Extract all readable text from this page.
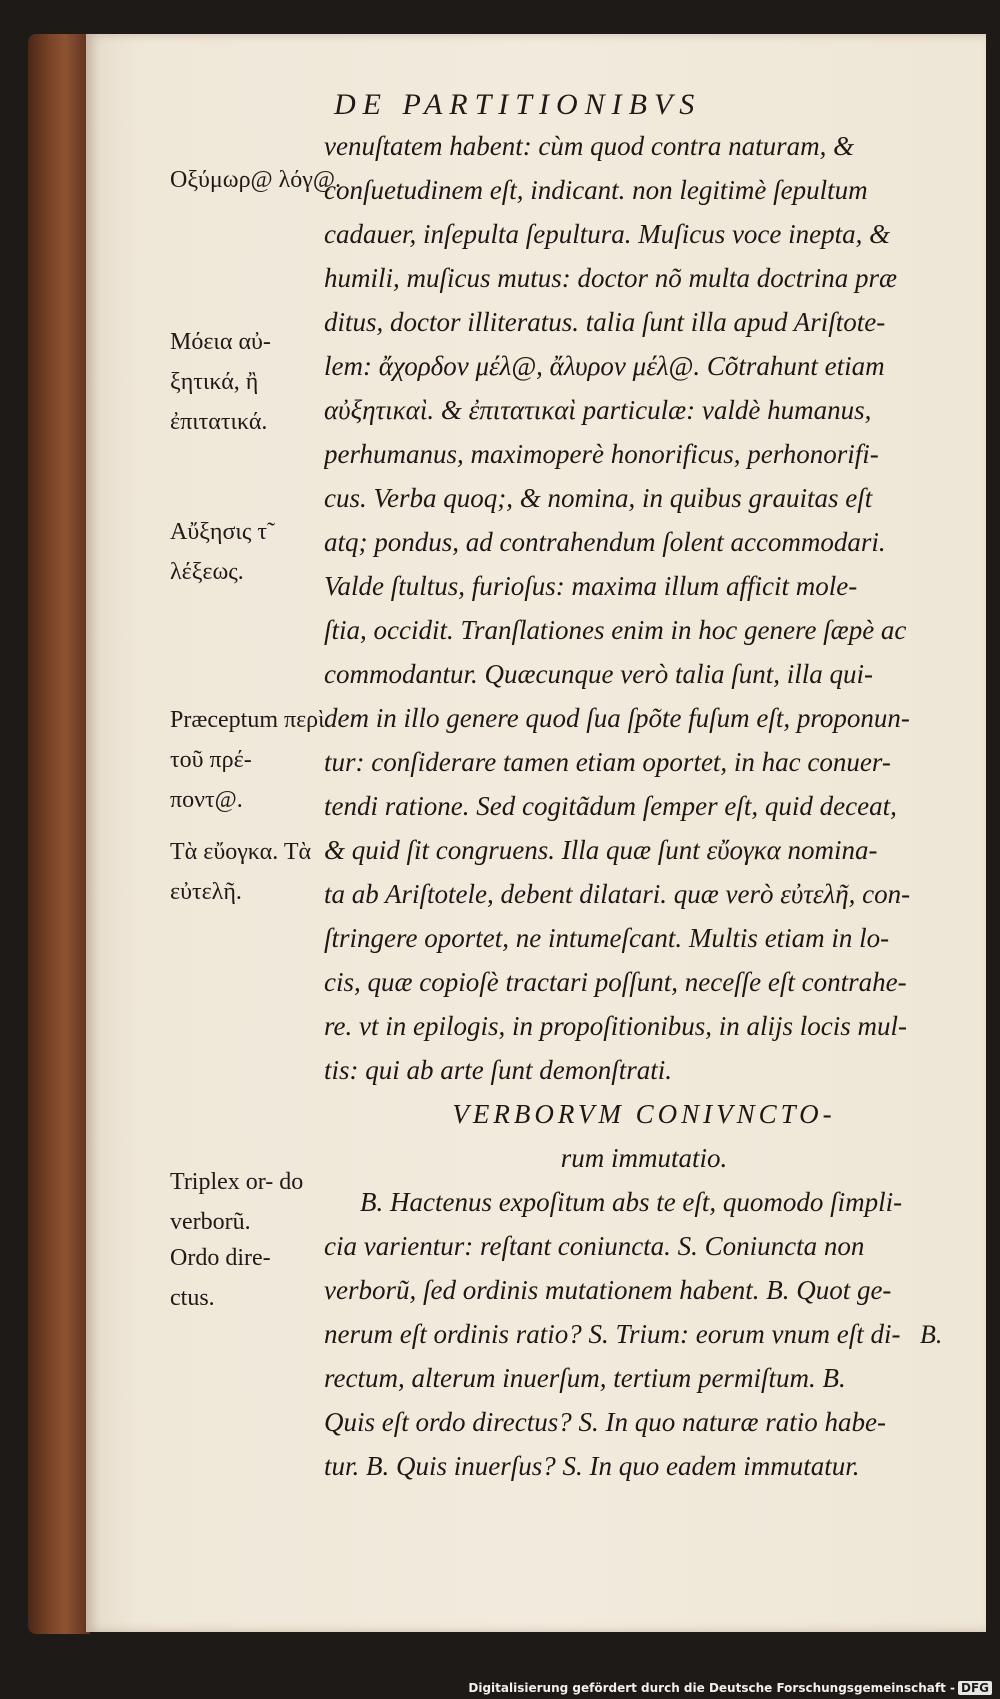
DE PARTITIONIBVS
Οξύμωρ@ λόγ@.
Μόεια αὐ- ξητικά, ἢ ἐπιτατικά.
Αὔξησις τ̃ λέξεως.
Præceptum περὶ τοῦ πρέ- ποντ@.
Τὰ εὔογκα. Τὰ εὐτελῆ.
Triplex or- do verborũ.
Ordo dire- ctus.
venuſtatem habent: cùm quod contra naturam, &
conſuetudinem eſt, indicant. non legitimè ſepultum
cadauer, inſepulta ſepultura. Muſicus voce inepta, &
humili, muſicus mutus: doctor nõ multa doctrina præ
ditus, doctor illiteratus. talia ſunt illa apud Ariſtote-
lem: ἄχορδον μέλ@, ἄλυρον μέλ@. Cõtrahunt etiam
αὐξητικαὶ. & ἐπιτατικαὶ particulæ: valdè humanus,
perhumanus, maximoperè honorificus, perhonorifi-
cus. Verba quoq;, & nomina, in quibus grauitas eſt
atq; pondus, ad contrahendum ſolent accommodari.
Valde ſtultus, furioſus: maxima illum afficit mole-
ſtia, occidit. Tranſlationes enim in hoc genere ſæpè ac
commodantur. Quæcunque verò talia ſunt, illa qui-
dem in illo genere quod ſua ſpõte fuſum eſt, proponun-
tur: conſiderare tamen etiam oportet, in hac conuer-
tendi ratione. Sed cogitãdum ſemper eſt, quid deceat,
& quid ſit congruens. Illa quæ ſunt εὔογκα nomina-
ta ab Ariſtotele, debent dilatari. quæ verò εὐτελῆ, con-
ſtringere oportet, ne intumeſcant. Multis etiam in lo-
cis, quæ copioſè tractari poſſunt, neceſſe eſt contrahe-
re. vt in epilogis, in propoſitionibus, in alijs locis mul-
tis: qui ab arte ſunt demonſtrati.
VERBORVM CONIVNCTO-
rum immutatio.
B. Hactenus expoſitum abs te eſt, quomodo ſimpli-
cia varientur: reſtant coniuncta. S. Coniuncta non
verborũ, ſed ordinis mutationem habent. B. Quot ge-
nerum eſt ordinis ratio? S. Trium: eorum vnum eſt di-
rectum, alterum inuerſum, tertium permiſtum. B.
Quis eſt ordo directus? S. In quo naturæ ratio habe-
tur. B. Quis inuerſus? S. In quo eadem immutatur.
B.
Digitalisierung gefördert durch die Deutsche Forschungsgemeinschaft - DFG
